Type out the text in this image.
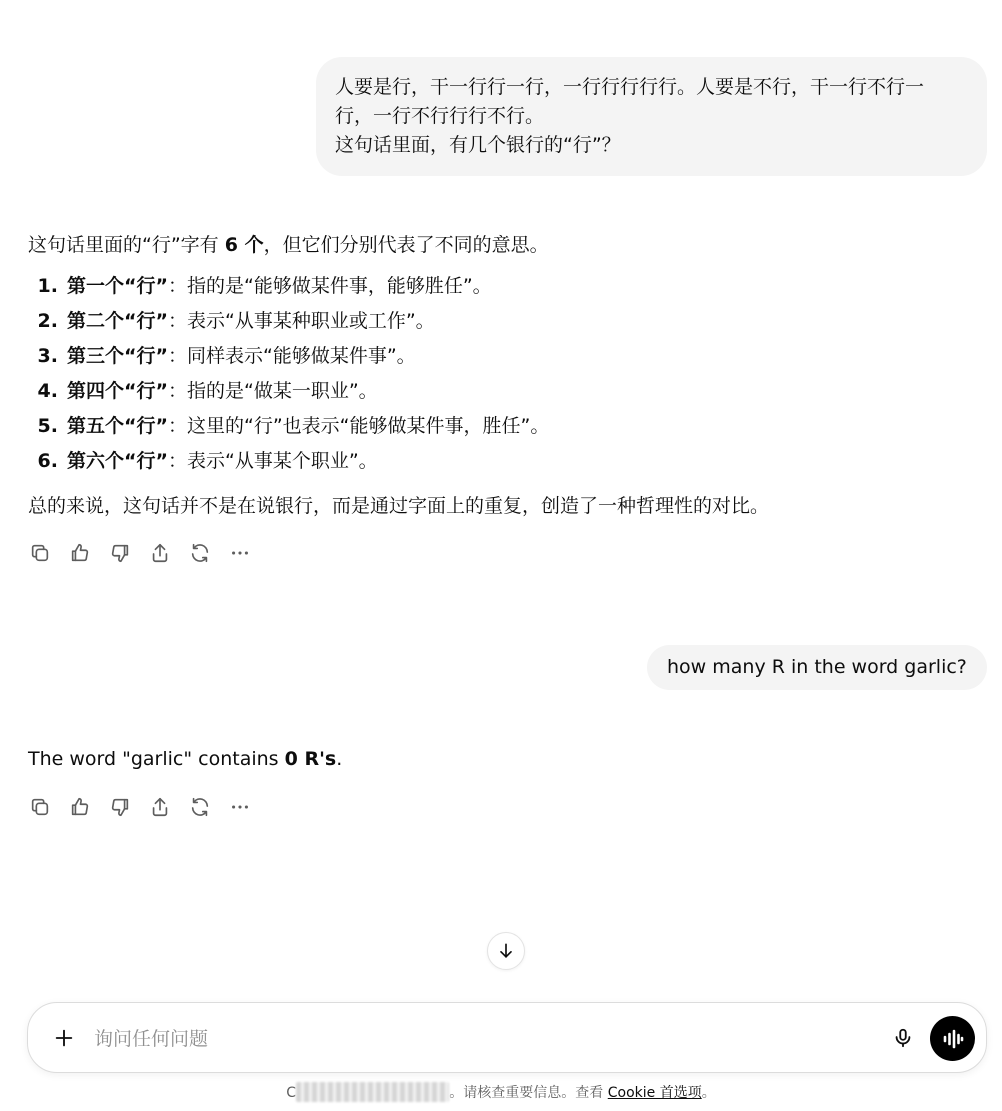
人要是行，干一行行一行，一行行行行行。人要是不行，干一行不行一
行，一行不行行行不行。
这句话里面，有几个银行的“行”？
这句话里面的“行”字有 6 个，但它们分别代表了不同的意思。
1. 第一个“行” ：指的是“能够做某件事，能够胜任”。
2. 第二个“行” ：表示“从事某种职业或工作”。
3. 第三个“行” ：同样表示“能够做某件事”。
4. 第四个“行” ：指的是“做某一职业”。
5. 第五个“行” ：这里的“行”也表示“能够做某件事，胜任”。
6. 第六个“行” ：表示“从事某个职业”。
总的来说，这句话并不是在说银行，而是通过字面上的重复，创造了一种哲理性的对比。
how many R in the word garlic?
The word "garlic" contains 0 R's.
询问任何问题
C	。请核查重要信息。查看 Cookie 首选项。
